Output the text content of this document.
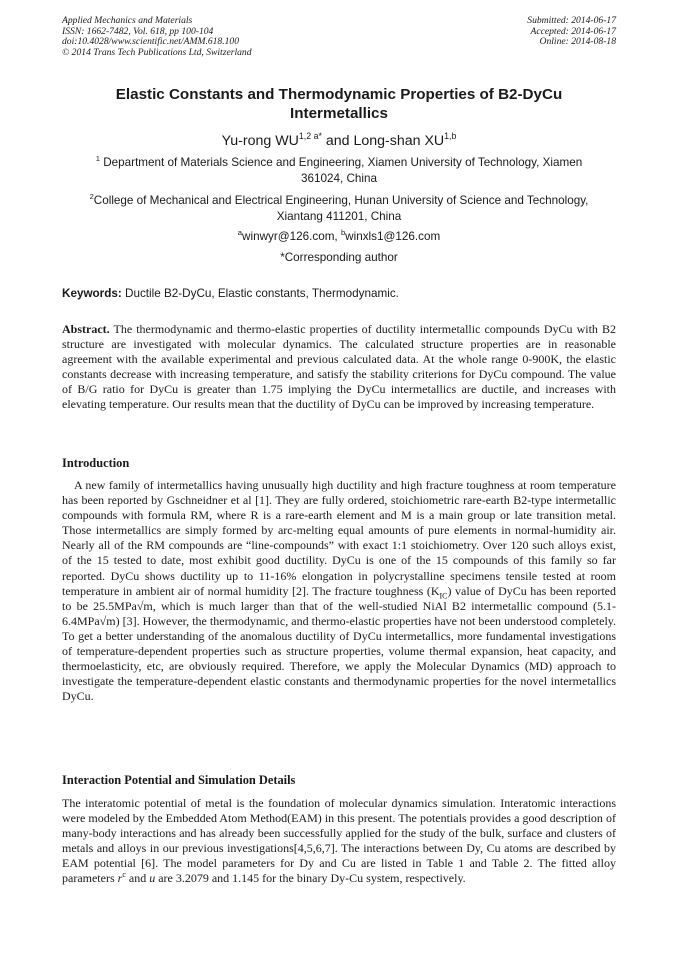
Applied Mechanics and Materials
ISSN: 1662-7482, Vol. 618, pp 100-104
doi:10.4028/www.scientific.net/AMM.618.100
© 2014 Trans Tech Publications Ltd, Switzerland
Submitted: 2014-06-17
Accepted: 2014-06-17
Online: 2014-08-18
Elastic Constants and Thermodynamic Properties of B2-DyCu
Intermetallics
Yu-rong $WU^{1,2 a*}$ and Long-shan XU$^{1,b}$
$^1$ Department of Materials Science and Engineering, Xiamen University of Technology, Xiamen
361024, China
$^2$College of Mechanical and Electrical Engineering, Hunan University of Science and Technology,
Xiantang 411201, China
$^a$winwyr@126.com, $^b$winxls1@126.com
*Corresponding author
Keywords: Ductile B2-DyCu, Elastic constants, Thermodynamic.
Abstract. The thermodynamic and thermo-elastic properties of ductility intermetallic compounds DyCu with B2 structure are investigated with molecular dynamics. The calculated structure properties are in reasonable agreement with the available experimental and previous calculated data. At the whole range 0-900K, the elastic constants decrease with increasing temperature, and satisfy the stability criterions for DyCu compound. The value of B/G ratio for DyCu is greater than 1.75 implying the DyCu intermetallics are ductile, and increases with elevating temperature. Our results mean that the ductility of DyCu can be improved by increasing temperature.
Introduction
A new family of intermetallics having unusually high ductility and high fracture toughness at room temperature has been reported by Gschneidner et al [1]. They are fully ordered, stoichiometric rare-earth B2-type intermetallic compounds with formula RM, where R is a rare-earth element and M is a main group or late transition metal. Those intermetallics are simply formed by arc-melting equal amounts of pure elements in normal-humidity air. Nearly all of the RM compounds are “line-compounds” with exact 1:1 stoichiometry. Over 120 such alloys exist, of the 15 tested to date, most exhibit good ductility. DyCu is one of the 15 compounds of this family so far reported. DyCu shows ductility up to 11-16% elongation in polycrystalline specimens tensile tested at room temperature in ambient air of normal humidity [2]. The fracture toughness $(K_{IC})$ value of DyCu has been reported to be 25.5MPa√m, which is much larger than that of the well-studied NiAl B2 intermetallic compound (5.1-6.4MPa√m) [3]. However, the thermodynamic, and thermo-elastic properties have not been understood completely. To get a better understanding of the anomalous ductility of DyCu intermetallics, more fundamental investigations of temperature-dependent properties such as structure properties, volume thermal expansion, heat capacity, and thermoelasticity, etc, are obviously required. Therefore, we apply the Molecular Dynamics (MD) approach to investigate the temperature-dependent elastic constants and thermodynamic properties for the novel intermetallics DyCu.
Interaction Potential and Simulation Details
The interatomic potential of metal is the foundation of molecular dynamics simulation. Interatomic interactions were modeled by the Embedded Atom Method(EAM) in this present. The potentials provides a good description of many-body interactions and has already been successfully applied for the study of the bulk, surface and clusters of metals and alloys in our previous investigations[4,5,6,7]. The interactions between Dy, Cu atoms are described by EAM potential [6]. The model parameters for Dy and Cu are listed in Table 1 and Table 2. The fitted alloy parameters $r^c$ and u are 3.2079 and 1.145 for the binary Dy-Cu system, respectively.
